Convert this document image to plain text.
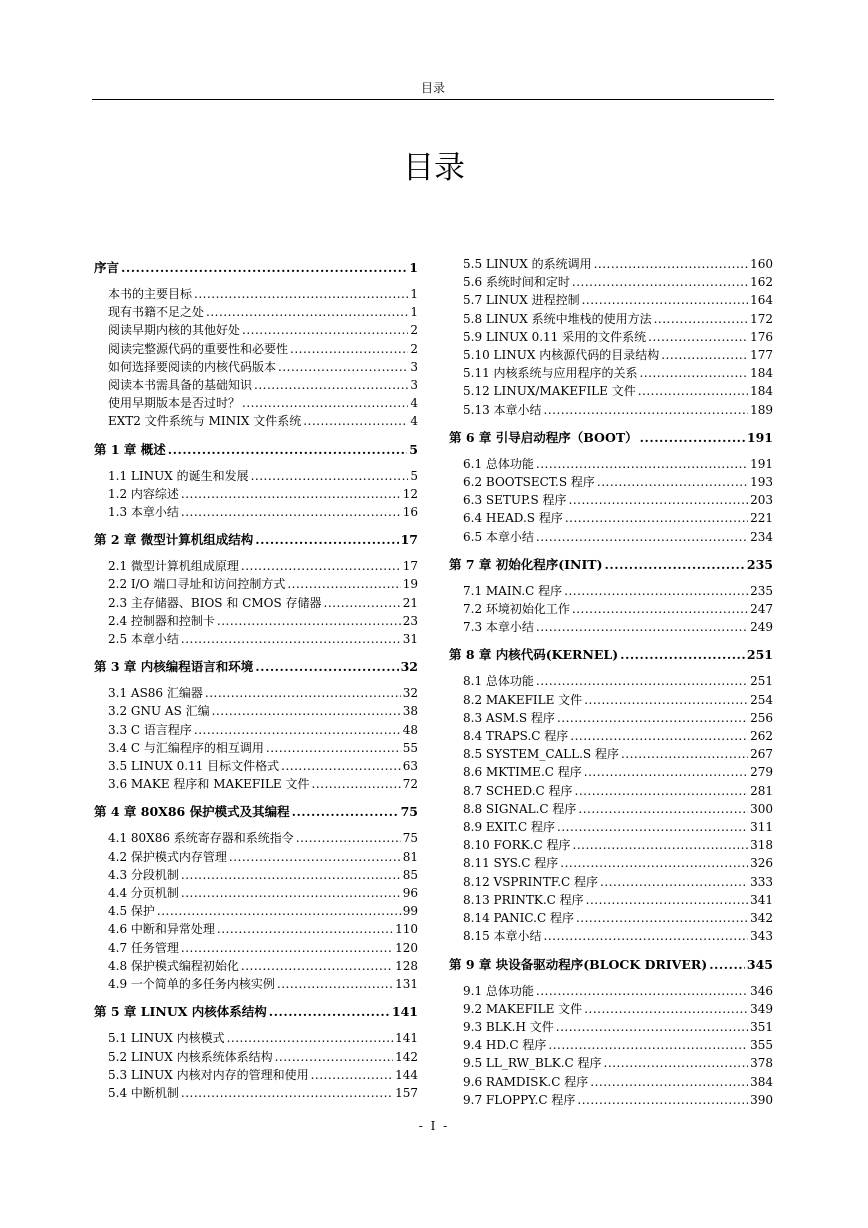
目录
目录
序言 .....	1
本书的主要目标 .....	1
现有书籍不足之处 .....	1
阅读早期内核的其他好处 .....	2
阅读完整源代码的重要性和必要性 .....	2
如何选择要阅读的内核代码版本 .....	3
阅读本书需具备的基础知识 .....	3
使用早期版本是否过时？ .....	4
EXT2 文件系统与 MINIX 文件系统 .....	4
第 1 章 概述 .....	5
1.1 LINUX 的诞生和发展 .....	5
1.2 内容综述 .....	12
1.3 本章小结 .....	16
第 2 章 微型计算机组成结构 .....	17
2.1 微型计算机组成原理 .....	17
2.2 I/O 端口寻址和访问控制方式 .....	19
2.3 主存储器、BIOS 和 CMOS 存储器 .....	21
2.4 控制器和控制卡 .....	23
2.5 本章小结 .....	31
第 3 章 内核编程语言和环境 .....	32
3.1 AS86 汇编器 .....	32
3.2 GNU AS 汇编 .....	38
3.3 C 语言程序 .....	48
3.4 C 与汇编程序的相互调用 .....	55
3.5 LINUX 0.11 目标文件格式 .....	63
3.6 MAKE 程序和 MAKEFILE 文件 .....	72
第 4 章 80X86 保护模式及其编程 .....	75
4.1 80X86 系统寄存器和系统指令 .....	75
4.2 保护模式内存管理 .....	81
4.3 分段机制 .....	85
4.4 分页机制 .....	96
4.5 保护 .....	99
4.6 中断和异常处理 .....	110
4.7 任务管理 .....	120
4.8 保护模式编程初始化 .....	128
4.9 一个简单的多任务内核实例 .....	131
第 5 章 LINUX 内核体系结构 .....	141
5.1 LINUX 内核模式 .....	141
5.2 LINUX 内核系统体系结构 .....	142
5.3 LINUX 内核对内存的管理和使用 .....	144
5.4 中断机制 .....	157
5.5 LINUX 的系统调用 .....	160
5.6 系统时间和定时 .....	162
5.7 LINUX 进程控制 .....	164
5.8 LINUX 系统中堆栈的使用方法 .....	172
5.9 LINUX 0.11 采用的文件系统 .....	176
5.10 LINUX 内核源代码的目录结构 .....	177
5.11 内核系统与应用程序的关系 .....	184
5.12 LINUX/MAKEFILE 文件 .....	184
5.13 本章小结 .....	189
第 6 章 引导启动程序（BOOT） .....	191
6.1 总体功能 .....	191
6.2 BOOTSECT.S 程序 .....	193
6.3 SETUP.S 程序 .....	203
6.4 HEAD.S 程序 .....	221
6.5 本章小结 .....	234
第 7 章 初始化程序(INIT) .....	235
7.1 MAIN.C 程序 .....	235
7.2 环境初始化工作 .....	247
7.3 本章小结 .....	249
第 8 章 内核代码(KERNEL) .....	251
8.1 总体功能 .....	251
8.2 MAKEFILE 文件 .....	254
8.3 ASM.S 程序 .....	256
8.4 TRAPS.C 程序 .....	262
8.5 SYSTEM_CALL.S 程序 .....	267
8.6 MKTIME.C 程序 .....	279
8.7 SCHED.C 程序 .....	281
8.8 SIGNAL.C 程序 .....	300
8.9 EXIT.C 程序 .....	311
8.10 FORK.C 程序 .....	318
8.11 SYS.C 程序 .....	326
8.12 VSPRINTF.C 程序 .....	333
8.13 PRINTK.C 程序 .....	341
8.14 PANIC.C 程序 .....	342
8.15 本章小结 .....	343
第 9 章 块设备驱动程序(BLOCK DRIVER) .....	345
9.1 总体功能 .....	346
9.2 MAKEFILE 文件 .....	349
9.3 BLK.H 文件 .....	351
9.4 HD.C 程序 .....	355
9.5 LL_RW_BLK.C 程序 .....	378
9.6 RAMDISK.C 程序 .....	384
9.7 FLOPPY.C 程序 .....	390
- I -
